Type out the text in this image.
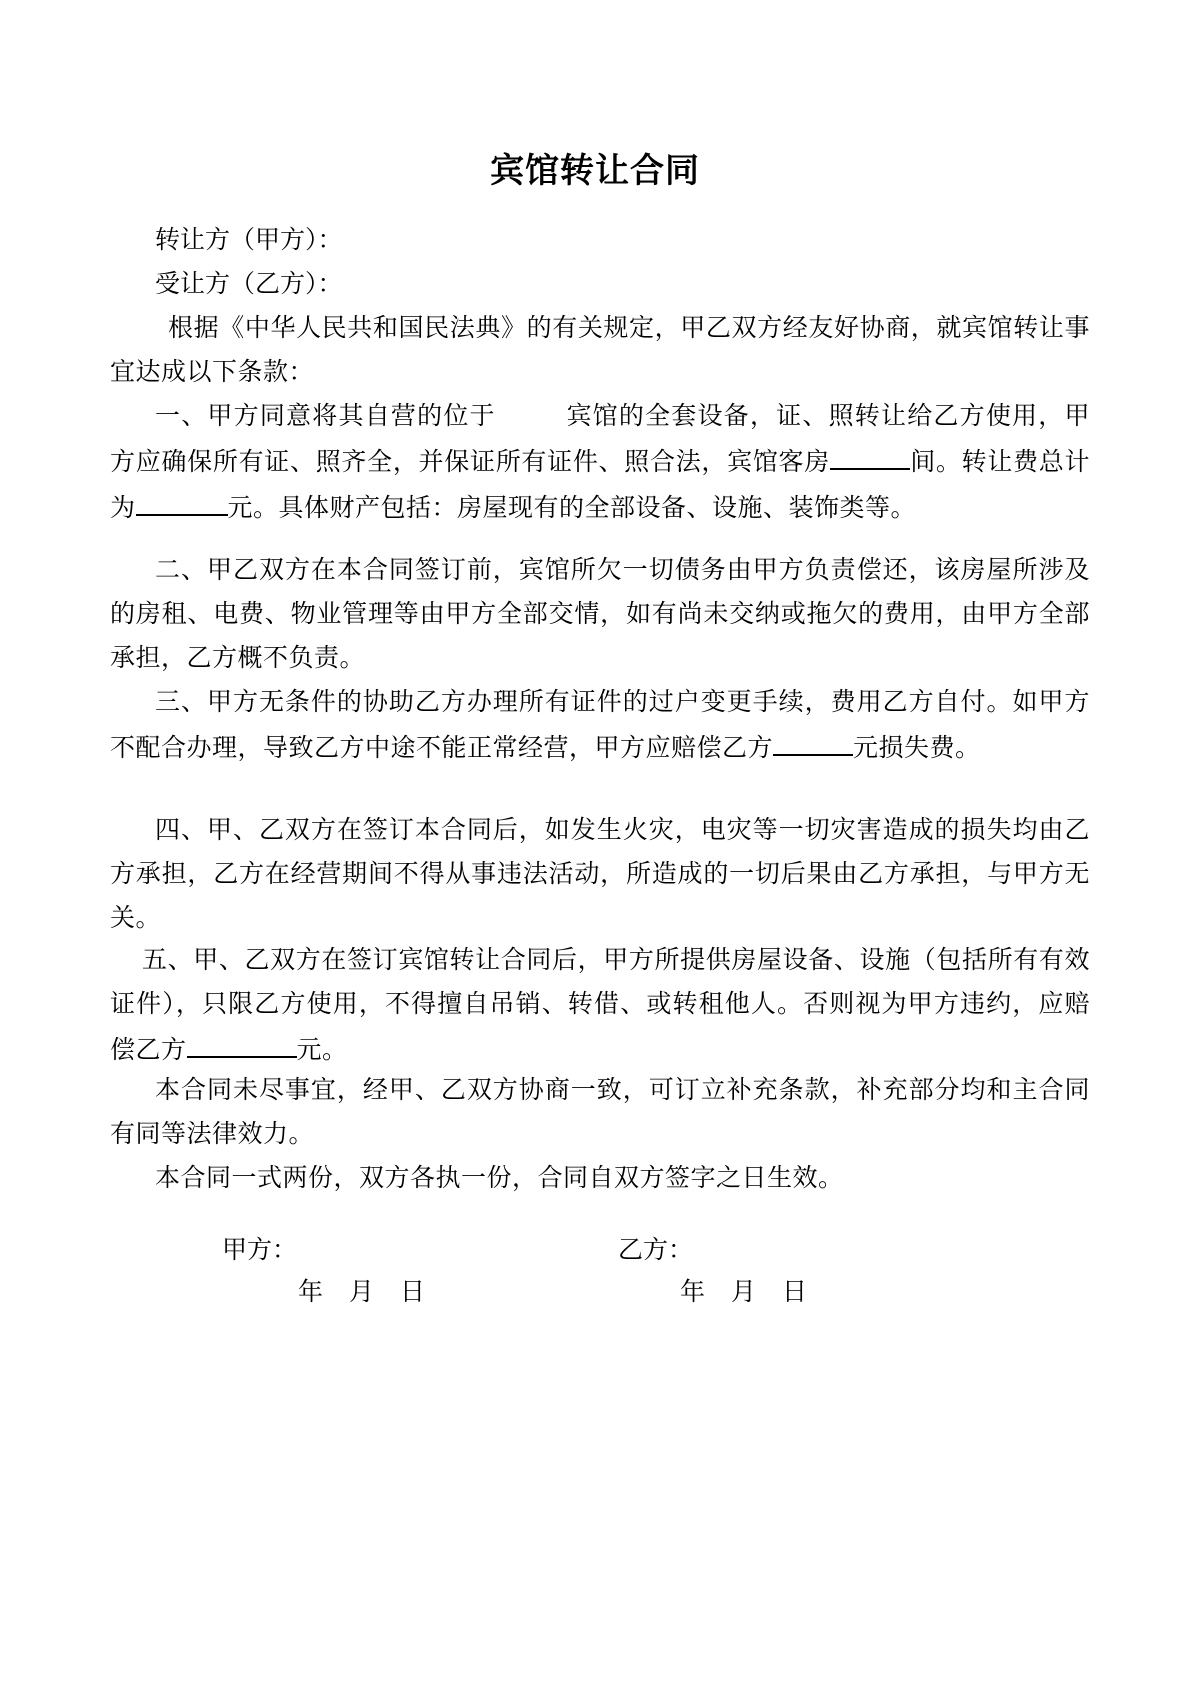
宾馆转让合同
转让方（甲方）：
受让方（乙方）：
根据《中华人民共和国民法典》的有关规定，甲乙双方经友好协商，就宾馆转让事宜达成以下条款：
一、甲方同意将其自营的位于	宾馆的全套设备，证、照转让给乙方使用，甲方应确保所有证、照齐全，并保证所有证件、照合法，宾馆客房	间。转让费总计为	元。具体财产包括：房屋现有的全部设备、设施、装饰类等。
二、甲乙双方在本合同签订前，宾馆所欠一切债务由甲方负责偿还，该房屋所涉及的房租、电费、物业管理等由甲方全部交情，如有尚未交纳或拖欠的费用，由甲方全部承担，乙方概不负责。
三、甲方无条件的协助乙方办理所有证件的过户变更手续，费用乙方自付。如甲方不配合办理，导致乙方中途不能正常经营，甲方应赔偿乙方	元损失费。
四、甲、乙双方在签订本合同后，如发生火灾，电灾等一切灾害造成的损失均由乙方承担，乙方在经营期间不得从事违法活动，所造成的一切后果由乙方承担，与甲方无关。
五、甲、乙双方在签订宾馆转让合同后，甲方所提供房屋设备、设施（包括所有有效证件），只限乙方使用，不得擅自吊销、转借、或转租他人。否则视为甲方违约，应赔偿乙方	元。
本合同未尽事宜，经甲、乙双方协商一致，可订立补充条款，补充部分均和主合同有同等法律效力。
本合同一式两份，双方各执一份，合同自双方签字之日生效。
甲方：	乙方：
年 月 日	年 月 日
